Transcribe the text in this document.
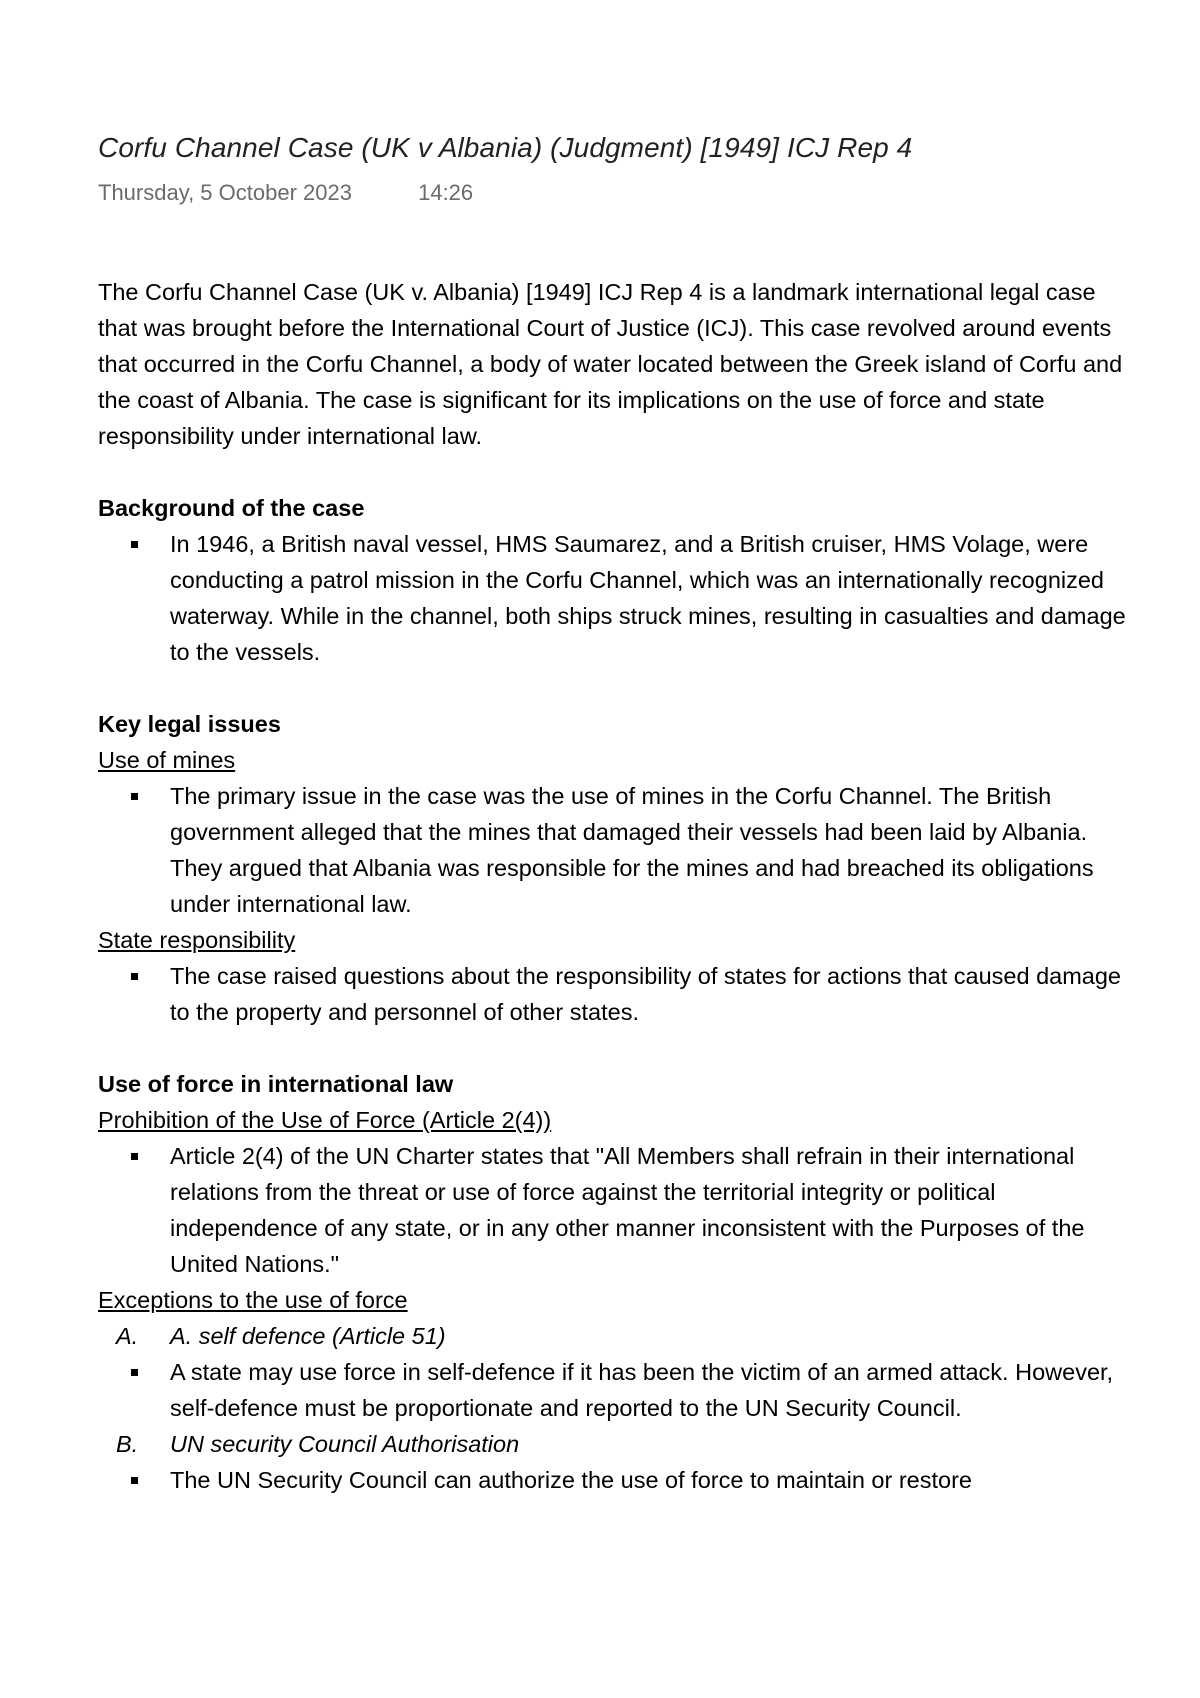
Corfu Channel Case (UK v Albania) (Judgment) [1949] ICJ Rep 4
Thursday, 5 October 2023	14:26

The Corfu Channel Case (UK v. Albania) [1949] ICJ Rep 4 is a landmark international legal case that was brought before the International Court of Justice (ICJ). This case revolved around events that occurred in the Corfu Channel, a body of water located between the Greek island of Corfu and the coast of Albania. The case is significant for its implications on the use of force and state responsibility under international law.

Background of the case

In 1946, a British naval vessel, HMS Saumarez, and a British cruiser, HMS Volage, were conducting a patrol mission in the Corfu Channel, which was an internationally recognized waterway. While in the channel, both ships struck mines, resulting in casualties and damage to the vessels.

Key legal issues

Use of mines

The primary issue in the case was the use of mines in the Corfu Channel. The British government alleged that the mines that damaged their vessels had been laid by Albania. They argued that Albania was responsible for the mines and had breached its obligations under international law.

State responsibility

The case raised questions about the responsibility of states for actions that caused damage to the property and personnel of other states.

Use of force in international law

Prohibition of the Use of Force (Article 2(4))

Article 2(4) of the UN Charter states that "All Members shall refrain in their international relations from the threat or use of force against the territorial integrity or political independence of any state, or in any other manner inconsistent with the Purposes of the United Nations."

Exceptions to the use of force

A. A. self defence (Article 51)
A state may use force in self-defence if it has been the victim of an armed attack. However, self-defence must be proportionate and reported to the UN Security Council.
B. UN security Council Authorisation
The UN Security Council can authorize the use of force to maintain or restore
